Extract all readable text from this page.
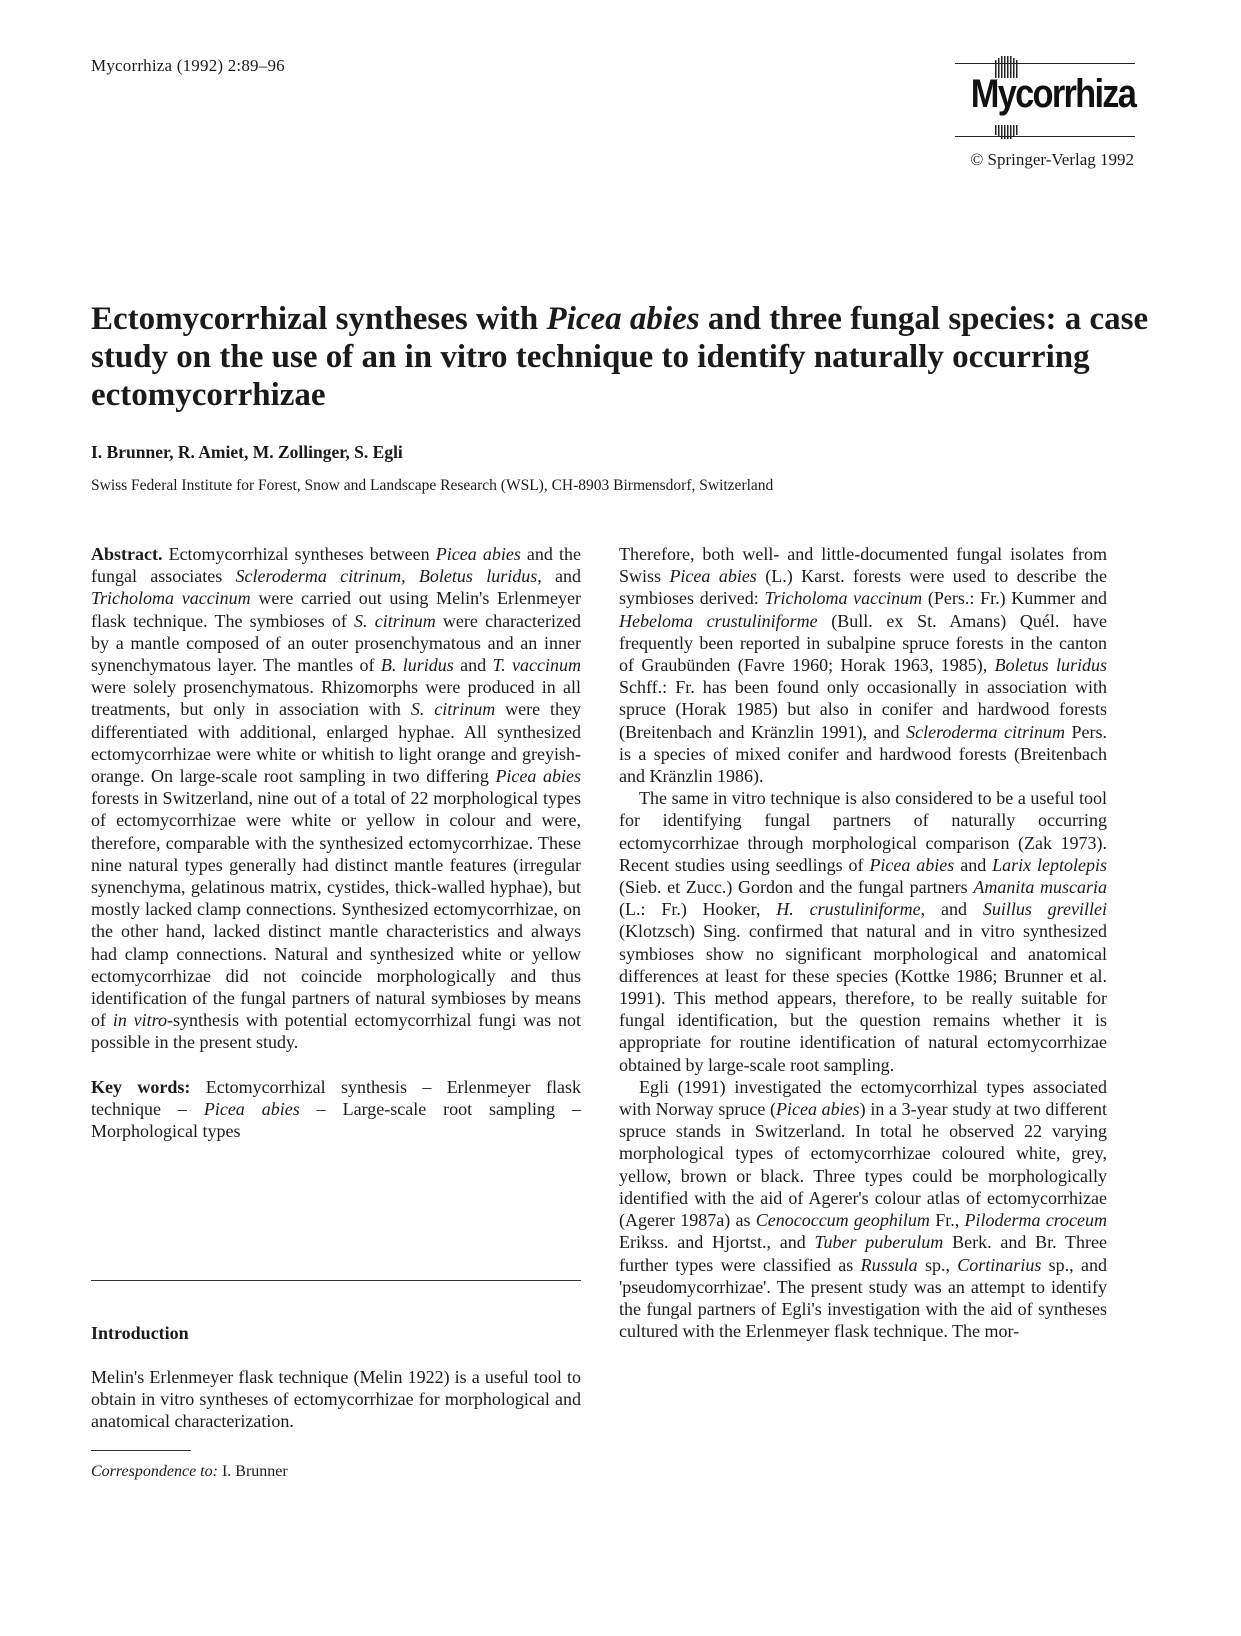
Mycorrhiza (1992) 2:89–96
Mycorrhiza
© Springer-Verlag 1992
Ectomycorrhizal syntheses with Picea abies and three fungal species: a case study on the use of an in vitro technique to identify naturally occurring ectomycorrhizae
I. Brunner, R. Amiet, M. Zollinger, S. Egli
Swiss Federal Institute for Forest, Snow and Landscape Research (WSL), CH-8903 Birmensdorf, Switzerland

Abstract. Ectomycorrhizal syntheses between Picea abies and the fungal associates Scleroderma citrinum, Boletus luridus, and Tricholoma vaccinum were carried out using Melin's Erlenmeyer flask technique. The symbioses of S. citrinum were characterized by a mantle composed of an outer prosenchymatous and an inner synenchymatous layer. The mantles of B. luridus and T. vaccinum were solely prosenchymatous. Rhizomorphs were produced in all treatments, but only in association with S. citrinum were they differentiated with additional, enlarged hyphae. All synthesized ectomycorrhizae were white or whitish to light orange and greyish-orange. On large-scale root sampling in two differing Picea abies forests in Switzerland, nine out of a total of 22 morphological types of ectomycorrhizae were white or yellow in colour and were, therefore, comparable with the synthesized ectomycorrhizae. These nine natural types generally had distinct mantle features (irregular synenchyma, gelatinous matrix, cystides, thick-walled hyphae), but mostly lacked clamp connections. Synthesized ectomycorrhizae, on the other hand, lacked distinct mantle characteristics and always had clamp connections. Natural and synthesized white or yellow ectomycorrhizae did not coincide morphologically and thus identification of the fungal partners of natural symbioses by means of in vitro-synthesis with potential ectomycorrhizal fungi was not possible in the present study.

Key words: Ectomycorrhizal synthesis – Erlenmeyer flask technique – Picea abies – Large-scale root sampling – Morphological types

Introduction

Melin's Erlenmeyer flask technique (Melin 1922) is a useful tool to obtain in vitro syntheses of ectomycorrhizae for morphological and anatomical characterization.

Correspondence to: I. Brunner

Therefore, both well- and little-documented fungal isolates from Swiss Picea abies (L.) Karst. forests were used to describe the symbioses derived: Tricholoma vaccinum (Pers.: Fr.) Kummer and Hebeloma crustuliniforme (Bull. ex St. Amans) Quél. have frequently been reported in subalpine spruce forests in the canton of Graubünden (Favre 1960; Horak 1963, 1985), Boletus luridus Schff.: Fr. has been found only occasionally in association with spruce (Horak 1985) but also in conifer and hardwood forests (Breitenbach and Kränzlin 1991), and Scleroderma citrinum Pers. is a species of mixed conifer and hardwood forests (Breitenbach and Kränzlin 1986).

The same in vitro technique is also considered to be a useful tool for identifying fungal partners of naturally occurring ectomycorrhizae through morphological comparison (Zak 1973). Recent studies using seedlings of Picea abies and Larix leptolepis (Sieb. et Zucc.) Gordon and the fungal partners Amanita muscaria (L.: Fr.) Hooker, H. crustuliniforme, and Suillus grevillei (Klotzsch) Sing. confirmed that natural and in vitro synthesized symbioses show no significant morphological and anatomical differences at least for these species (Kottke 1986; Brunner et al. 1991). This method appears, therefore, to be really suitable for fungal identification, but the question remains whether it is appropriate for routine identification of natural ectomycorrhizae obtained by large-scale root sampling.

Egli (1991) investigated the ectomycorrhizal types associated with Norway spruce (Picea abies) in a 3-year study at two different spruce stands in Switzerland. In total he observed 22 varying morphological types of ectomycorrhizae coloured white, grey, yellow, brown or black. Three types could be morphologically identified with the aid of Agerer's colour atlas of ectomycorrhizae (Agerer 1987a) as Cenococcum geophilum Fr., Piloderma croceum Erikss. and Hjortst., and Tuber puberulum Berk. and Br. Three further types were classified as Russula sp., Cortinarius sp., and 'pseudomycorrhizae'. The present study was an attempt to identify the fungal partners of Egli's investigation with the aid of syntheses cultured with the Erlenmeyer flask technique. The mor-
